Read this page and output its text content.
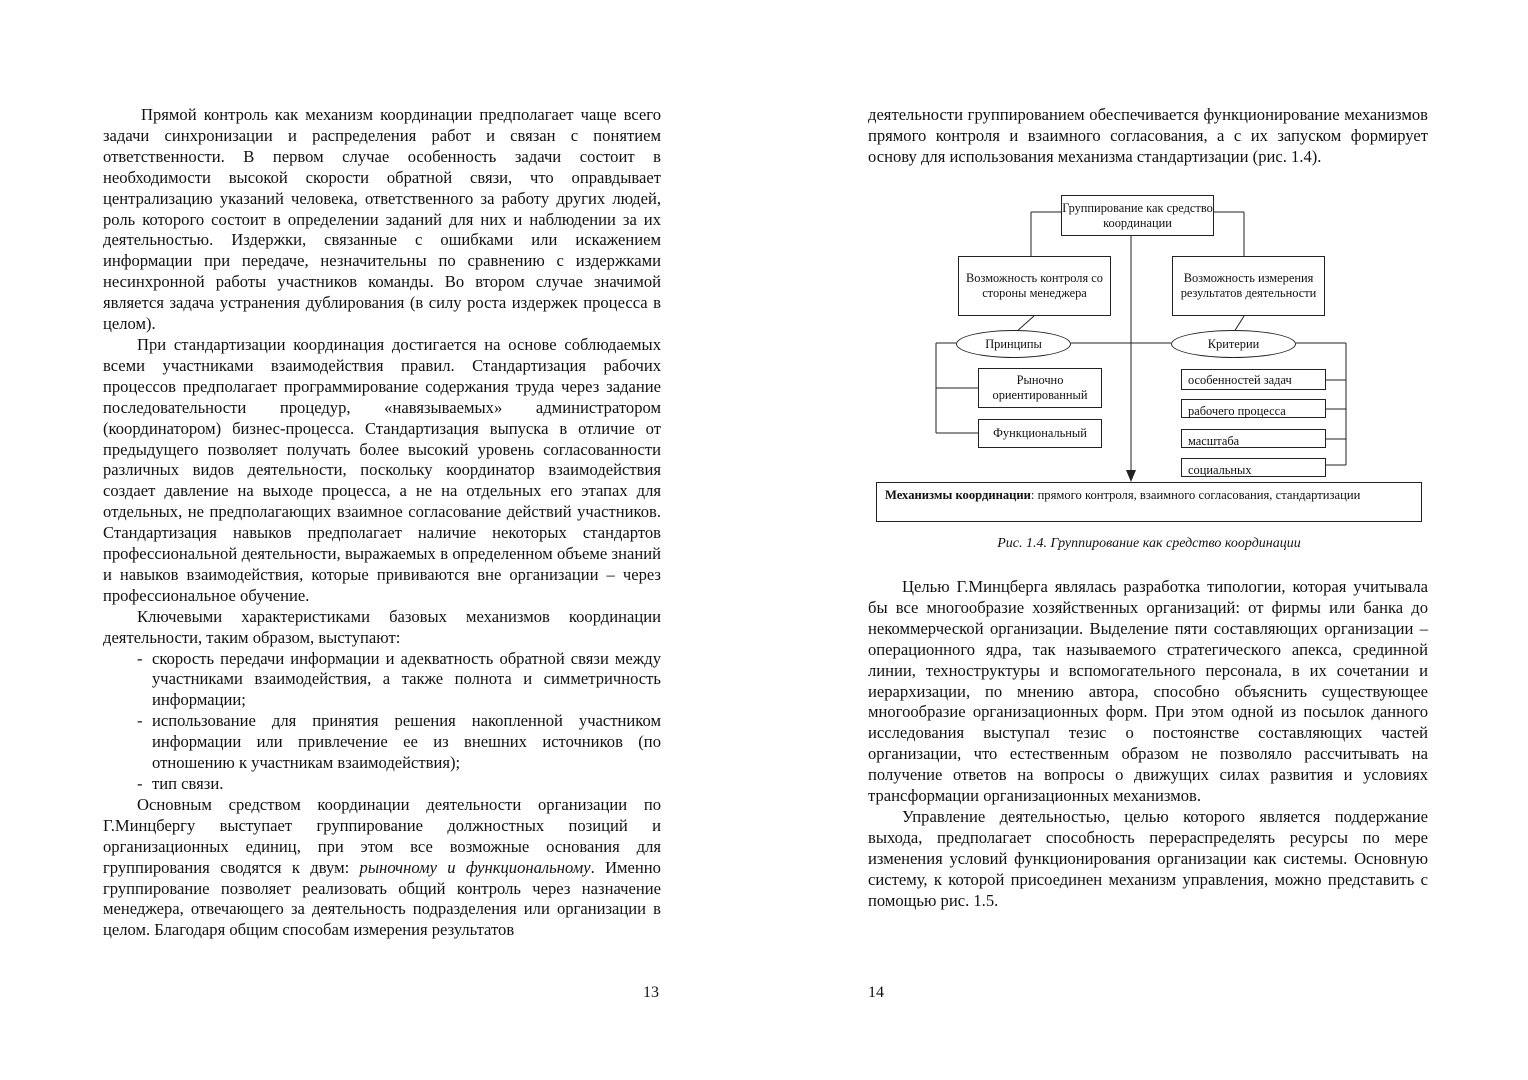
Прямой контроль как механизм координации предполагает чаще всего задачи синхронизации и распределения работ и связан с понятием ответственности. В первом случае особенность задачи состоит в необходимости высокой скорости обратной связи, что оправдывает централизацию указаний человека, ответственного за работу других людей, роль которого состоит в определении заданий для них и наблюдении за их деятельностью. Издержки, связанные с ошибками или искажением информации при передаче, незначительны по сравнению с издержками несинхронной работы участников команды. Во втором случае значимой является задача устранения дублирования (в силу роста издержек процесса в целом).

При стандартизации координация достигается на основе соблюдаемых всеми участниками взаимодействия правил. Стандартизация рабочих процессов предполагает программирование содержания труда через задание последовательности процедур, «навязываемых» администратором (координатором) бизнес-процесса. Стандартизация выпуска в отличие от предыдущего позволяет получать более высокий уровень согласованности различных видов деятельности, поскольку координатор взаимодействия создает давление на выходе процесса, а не на отдельных его этапах для отдельных, не предполагающих взаимное согласование действий участников. Стандартизация навыков предполагает наличие некоторых стандартов профессиональной деятельности, выражаемых в определенном объеме знаний и навыков взаимодействия, которые прививаются вне организации – через профессиональное обучение.

Ключевыми характеристиками базовых механизмов координации деятельности, таким образом, выступают:

- скорость передачи информации и адекватность обратной связи между участниками взаимодействия, а также полнота и симметричность информации;
- использование для принятия решения накопленной участником информации или привлечение ее из внешних источников (по отношению к участникам взаимодействия);
- тип связи.

Основным средством координации деятельности организации по Г.Минцбергу выступает группирование должностных позиций и организационных единиц, при этом все возможные основания для группирования сводятся к двум: рыночному и функциональному. Именно группирование позволяет реализовать общий контроль через назначение менеджера, отвечающего за деятельность подразделения или организации в целом. Благодаря общим способам измерения результатов

13

деятельности группированием обеспечивается функционирование механизмов прямого контроля и взаимного согласования, а с их запуском формирует основу для использования механизма стандартизации (рис. 1.4).

Целью Г.Минцберга являлась разработка типологии, которая учитывала бы все многообразие хозяйственных организаций: от фирмы или банка до некоммерческой организации. Выделение пяти составляющих организации – операционного ядра, так называемого стратегического апекса, срединной линии, техноструктуры и вспомогательного персонала, в их сочетании и иерархизации, по мнению автора, способно объяснить существующее многообразие организационных форм. При этом одной из посылок данного исследования выступал тезис о постоянстве составляющих частей организации, что естественным образом не позволяло рассчитывать на получение ответов на вопросы о движущих силах развития и условиях трансформации организационных механизмов.

Управление деятельностью, целью которого является поддержание выхода, предполагает способность перераспределять ресурсы по мере изменения условий функционирования организации как системы. Основную систему, к которой присоединен механизм управления, можно представить с помощью рис. 1.5.

14
Группирование как средство координации
Возможность контроля со стороны менеджера
Возможность измерения результатов деятельности
Принципы	Критерии
Рыночно ориентированный
Функциональный
особенностей задач
рабочего процесса
масштаба
социальных
Механизмы координации: прямого контроля, взаимного согласования, стандартизации
Рис. 1.4. Группирование как средство координации
